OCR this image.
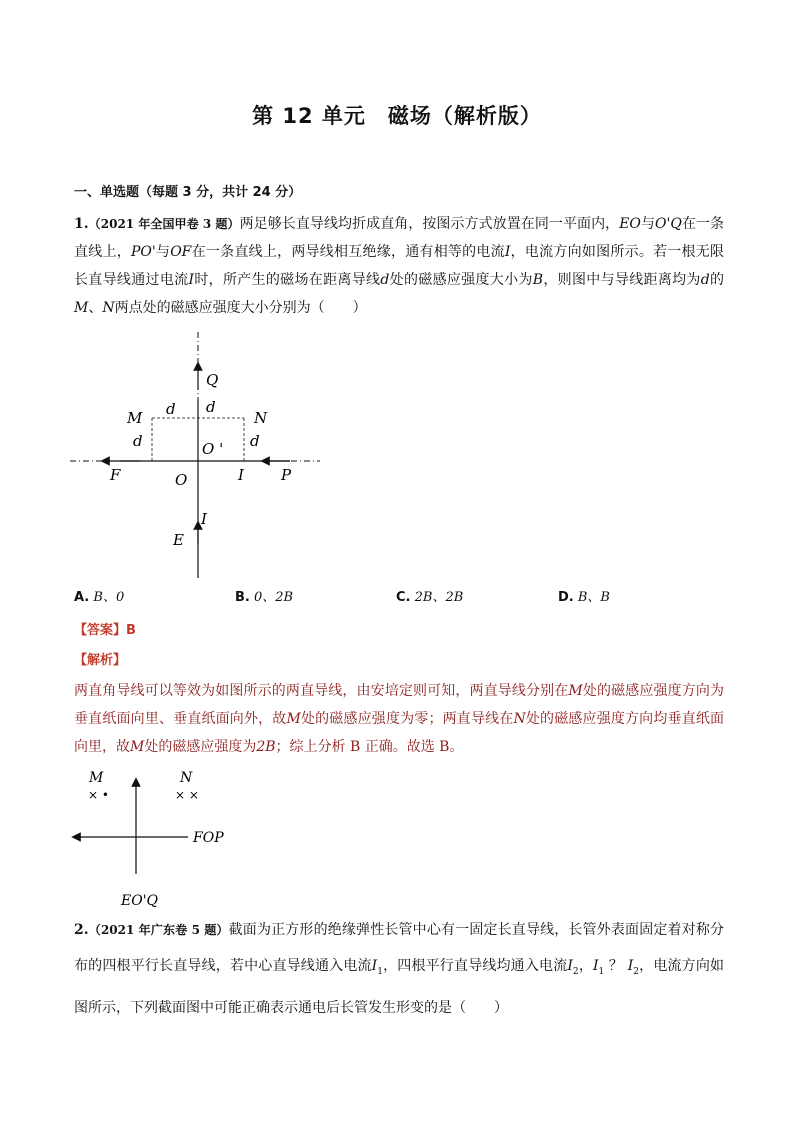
第 12 单元　磁场（解析版）
一、单选题（每题 3 分，共计 24 分）
1.（2021 年全国甲卷 3 题）两足够长直导线均折成直角，按图示方式放置在同一平面内，EO与O'Q在一条直线上，PO'与OF在一条直线上，两导线相互绝缘，通有相等的电流I，电流方向如图所示。若一根无限长直导线通过电流I时，所产生的磁场在距离导线d处的磁感应强度大小为B，则图中与导线距离均为d的M、N两点处的磁感应强度大小分别为（　　）
Q
M d d
N
d	d
O '
F	O	I P
I
E
A. B、0	B. 0、2B	C. 2B、2B	D. B、B
【答案】B
【解析】
两直角导线可以等效为如图所示的两直导线，由安培定则可知，两直导线分别在M处的磁感应强度方向为垂直纸面向里、垂直纸面向外，故M处的磁感应强度为零；两直导线在N处的磁感应强度方向均垂直纸面向里，故M处的磁感应强度为2B；综上分析 B 正确。故选 B。
M
× •
N
× ×
FOP
EO'Q
2.（2021 年广东卷 5 题）截面为正方形的绝缘弹性长管中心有一固定长直导线，长管外表面固定着对称分布的四根平行长直导线，若中心直导线通入电流$I_1$，四根平行直导线均通入电流$I_2$，$I_1$ ？ $I_2$，电流方向如图所示，下列截面图中可能正确表示通电后长管发生形变的是（　　）
